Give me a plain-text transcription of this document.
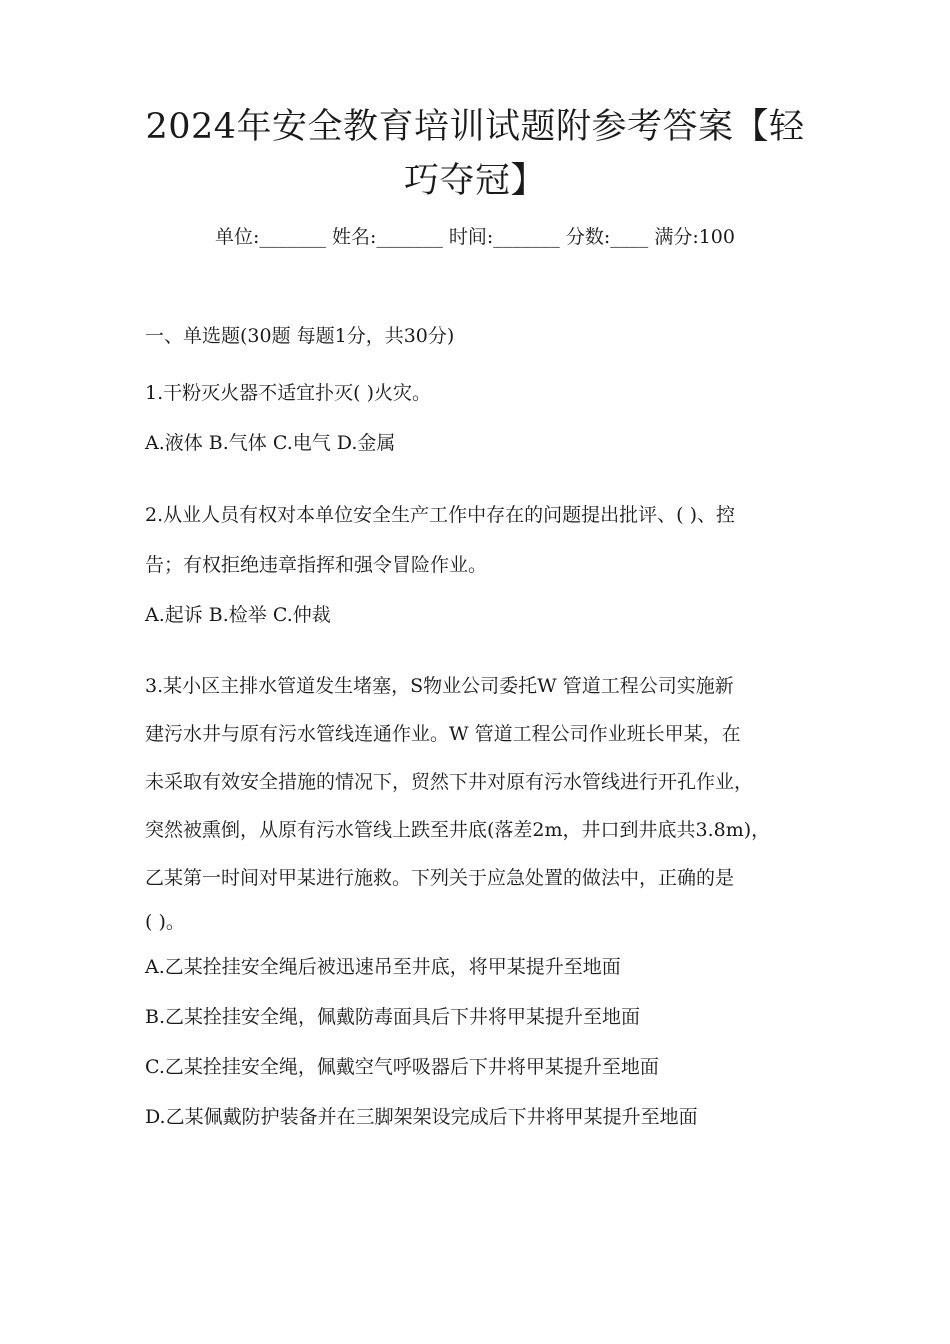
2024年安全教育培训试题附参考答案【轻
巧夺冠】
单位:_______ 姓名:_______ 时间:_______ 分数:____ 满分:100
一、单选题(30题 每题1分，共30分)
1.干粉灭火器不适宜扑灭( )火灾。
A.液体 B.气体 C.电气 D.金属
2.从业人员有权对本单位安全生产工作中存在的问题提出批评、( )、控
告；有权拒绝违章指挥和强令冒险作业。
A.起诉 B.检举 C.仲裁
3.某小区主排水管道发生堵塞，S物业公司委托W 管道工程公司实施新
建污水井与原有污水管线连通作业。W 管道工程公司作业班长甲某，在
未采取有效安全措施的情况下，贸然下井对原有污水管线进行开孔作业，
突然被熏倒，从原有污水管线上跌至井底(落差2m，井口到井底共3.8m)，
乙某第一时间对甲某进行施救。下列关于应急处置的做法中，正确的是
( )。
A.乙某拴挂安全绳后被迅速吊至井底，将甲某提升至地面
B.乙某拴挂安全绳，佩戴防毒面具后下井将甲某提升至地面
C.乙某拴挂安全绳，佩戴空气呼吸器后下井将甲某提升至地面
D.乙某佩戴防护装备并在三脚架架设完成后下井将甲某提升至地面
